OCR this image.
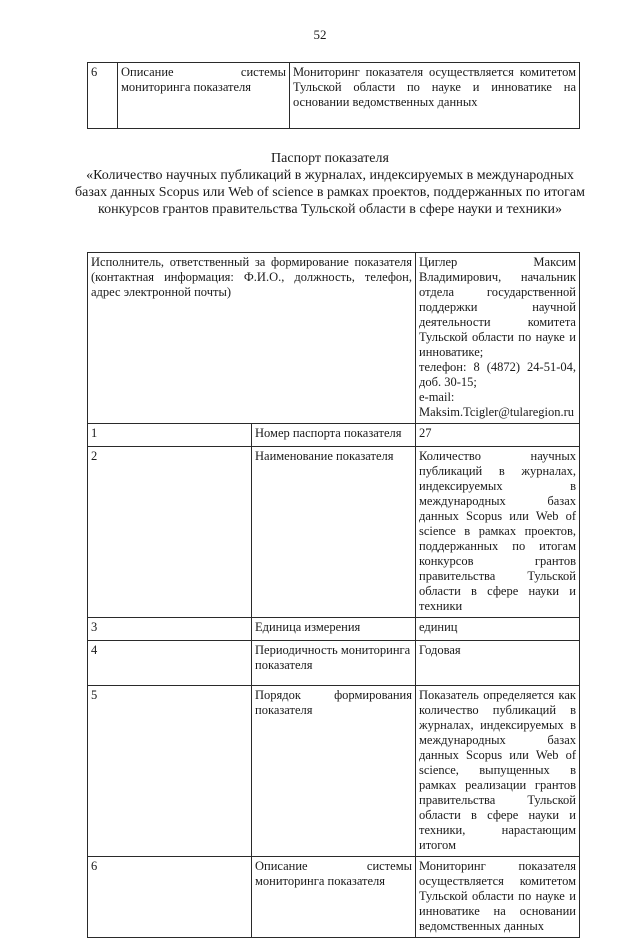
52
6	Описание системы мониторинга показателя	Мониторинг показателя осуществляется комитетом Тульской области по науке и инноватике на основании ведомственных данных
Паспорт показателя
«Количество научных публикаций в журналах, индексируемых в международных базах данных Scopus или Web of science в рамках проектов, поддержанных по итогам конкурсов грантов правительства Тульской области в сфере науки и техники»
Исполнитель, ответственный за формирование показателя (контактная информация: Ф.И.О., должность, телефон, адрес электронной почты)		Циглер Максим Владимирович, начальник отдела государственной поддержки научной деятельности комитета Тульской области по науке и инноватике;
телефон: 8 (4872) 24-51-04, доб. 30-15;
e-mail: Maksim.Tcigler@tularegion.ru

1	Номер паспорта показателя	27
2	Наименование показателя	Количество научных публикаций в журналах, индексируемых в международных базах данных Scopus или Web of science в рамках проектов, поддержанных по итогам конкурсов грантов правительства Тульской области в сфере науки и техники
3	Единица измерения	единиц
4	Периодичность мониторинга показателя	Годовая
5	Порядок формирования показателя	Показатель определяется как количество публикаций в журналах, индексируемых в международных базах данных Scopus или Web of science, выпущенных в рамках реализации грантов правительства Тульской области в сфере науки и техники, нарастающим итогом
6	Описание системы мониторинга показателя	Мониторинг показателя осуществляется комитетом Тульской области по науке и инноватике на основании ведомственных данных
